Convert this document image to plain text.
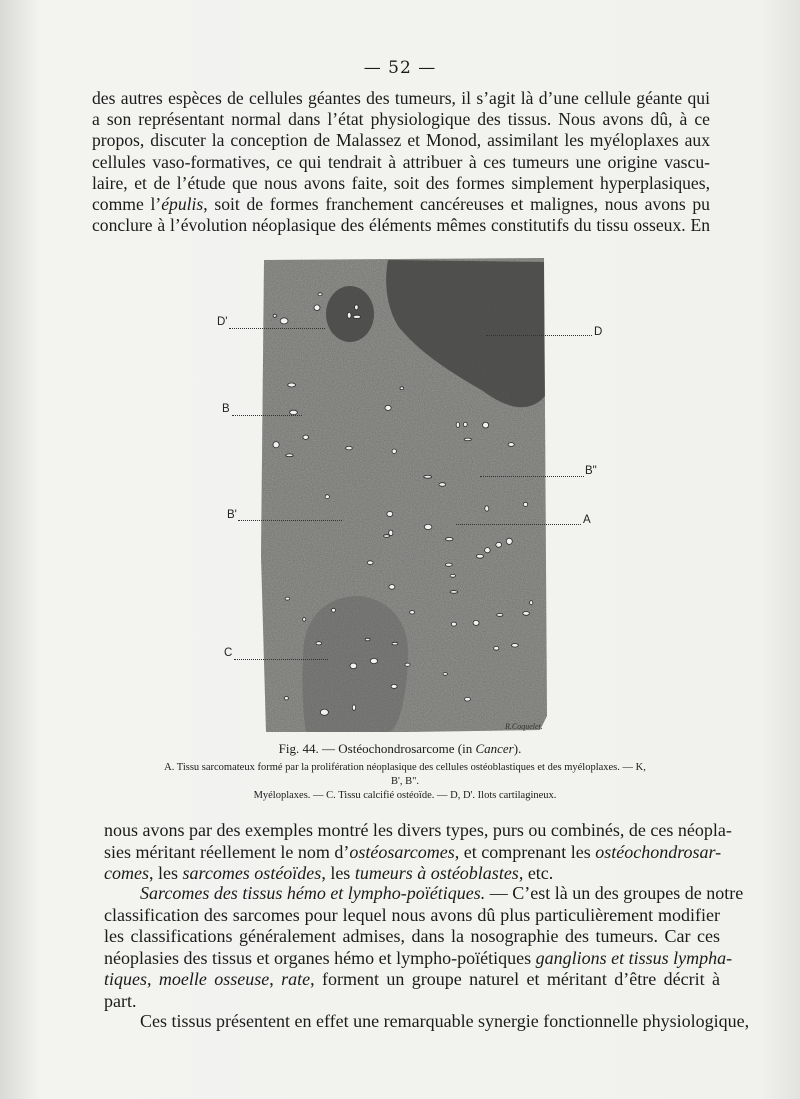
— 52 —
des autres espèces de cellules géantes des tumeurs, il s’agit là d’une cellule géante qui
a son représentant normal dans l’état physiologique des tissus. Nous avons dû, à ce
propos, discuter la conception de Malassez et Monod, assimilant les myéloplaxes aux
cellules vaso-formatives, ce qui tendrait à attribuer à ces tumeurs une origine vascu-
laire, et de l’étude que nous avons faite, soit des formes simplement hyperplasiques,
comme l’épulis, soit de formes franchement cancéreuses et malignes, nous avons pu
conclure à l’évolution néoplasique des éléments mêmes constitutifs du tissu osseux. En
D'
D
B
B"
B'	A
C
R.Coquelet.
Fig. 44. — Ostéochondrosarcome (in Cancer).
A. Tissu sarcomateux formé par la prolifération néoplasique des cellules ostéoblastiques et des myéloplaxes. — K, B', B".
Myéloplaxes. — C. Tissu calcifié ostéoïde. — D, D'. Ilots cartilagineux.
nous avons par des exemples montré les divers types, purs ou combinés, de ces néopla-
sies méritant réellement le nom d’ostéosarcomes, et comprenant les ostéochondrosar-
comes, les sarcomes ostéoïdes, les tumeurs à ostéoblastes, etc.
Sarcomes des tissus hémo et lympho-poïétiques. — C’est là un des groupes de notre
classification des sarcomes pour lequel nous avons dû plus particulièrement modifier
les classifications généralement admises, dans la nosographie des tumeurs. Car ces
néoplasies des tissus et organes hémo et lympho-poïétiques ganglions et tissus lympha-
tiques, moelle osseuse, rate, forment un groupe naturel et méritant d’être décrit à
part.
Ces tissus présentent en effet une remarquable synergie fonctionnelle physiologique,
